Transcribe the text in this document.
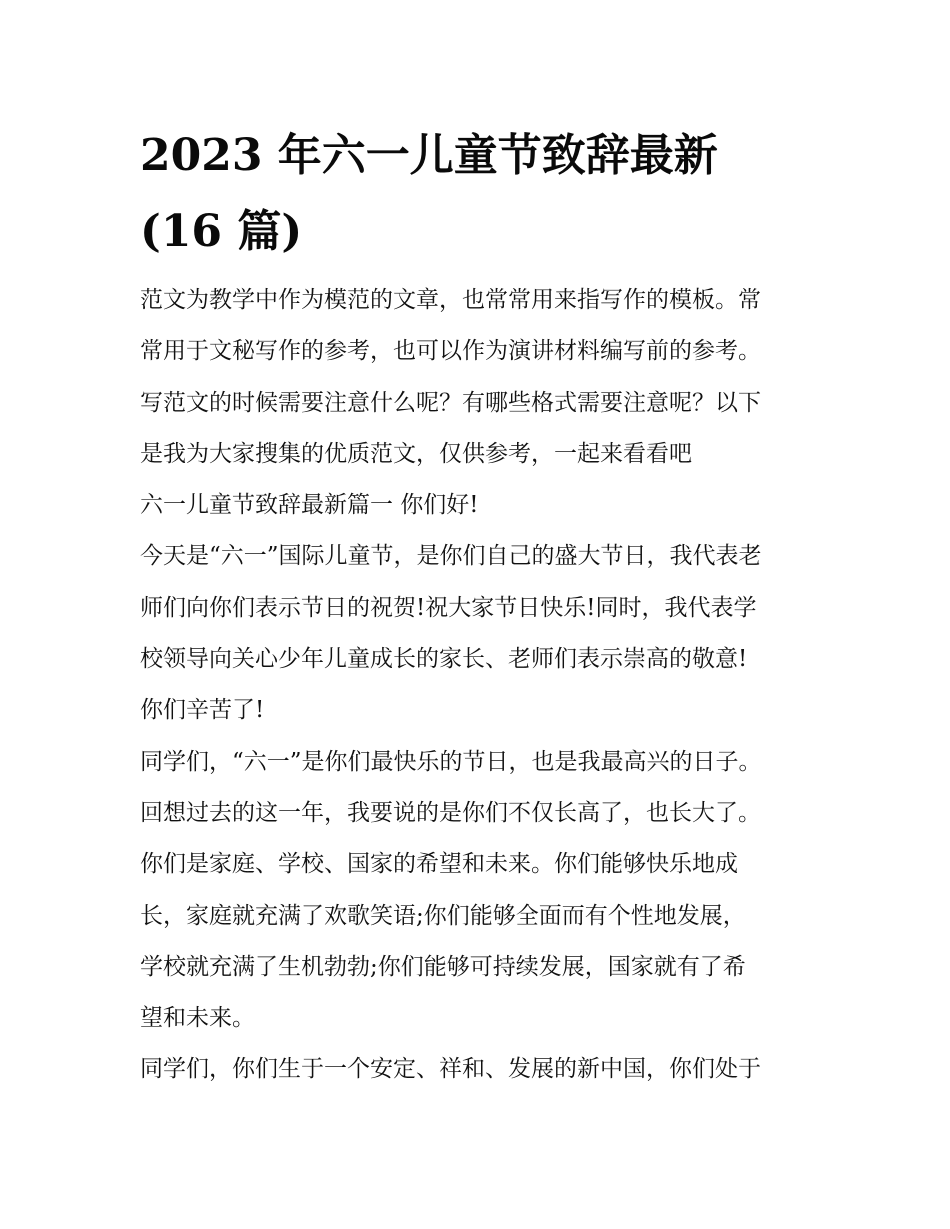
2023 年六一儿童节致辞最新
(16 篇)
范文为教学中作为模范的文章，也常常用来指写作的模板。常
常用于文秘写作的参考，也可以作为演讲材料编写前的参考。
写范文的时候需要注意什么呢？有哪些格式需要注意呢？以下
是我为大家搜集的优质范文，仅供参考，一起来看看吧
六一儿童节致辞最新篇一 你们好!
今天是“六一”国际儿童节，是你们自己的盛大节日，我代表老
师们向你们表示节日的祝贺!祝大家节日快乐!同时，我代表学
校领导向关心少年儿童成长的家长、老师们表示崇高的敬意!
你们辛苦了!
同学们，“六一”是你们最快乐的节日，也是我最高兴的日子。
回想过去的这一年，我要说的是你们不仅长高了，也长大了。
你们是家庭、学校、国家的希望和未来。你们能够快乐地成
长，家庭就充满了欢歌笑语;你们能够全面而有个性地发展，
学校就充满了生机勃勃;你们能够可持续发展，国家就有了希
望和未来。
同学们，你们生于一个安定、祥和、发展的新中国，你们处于
